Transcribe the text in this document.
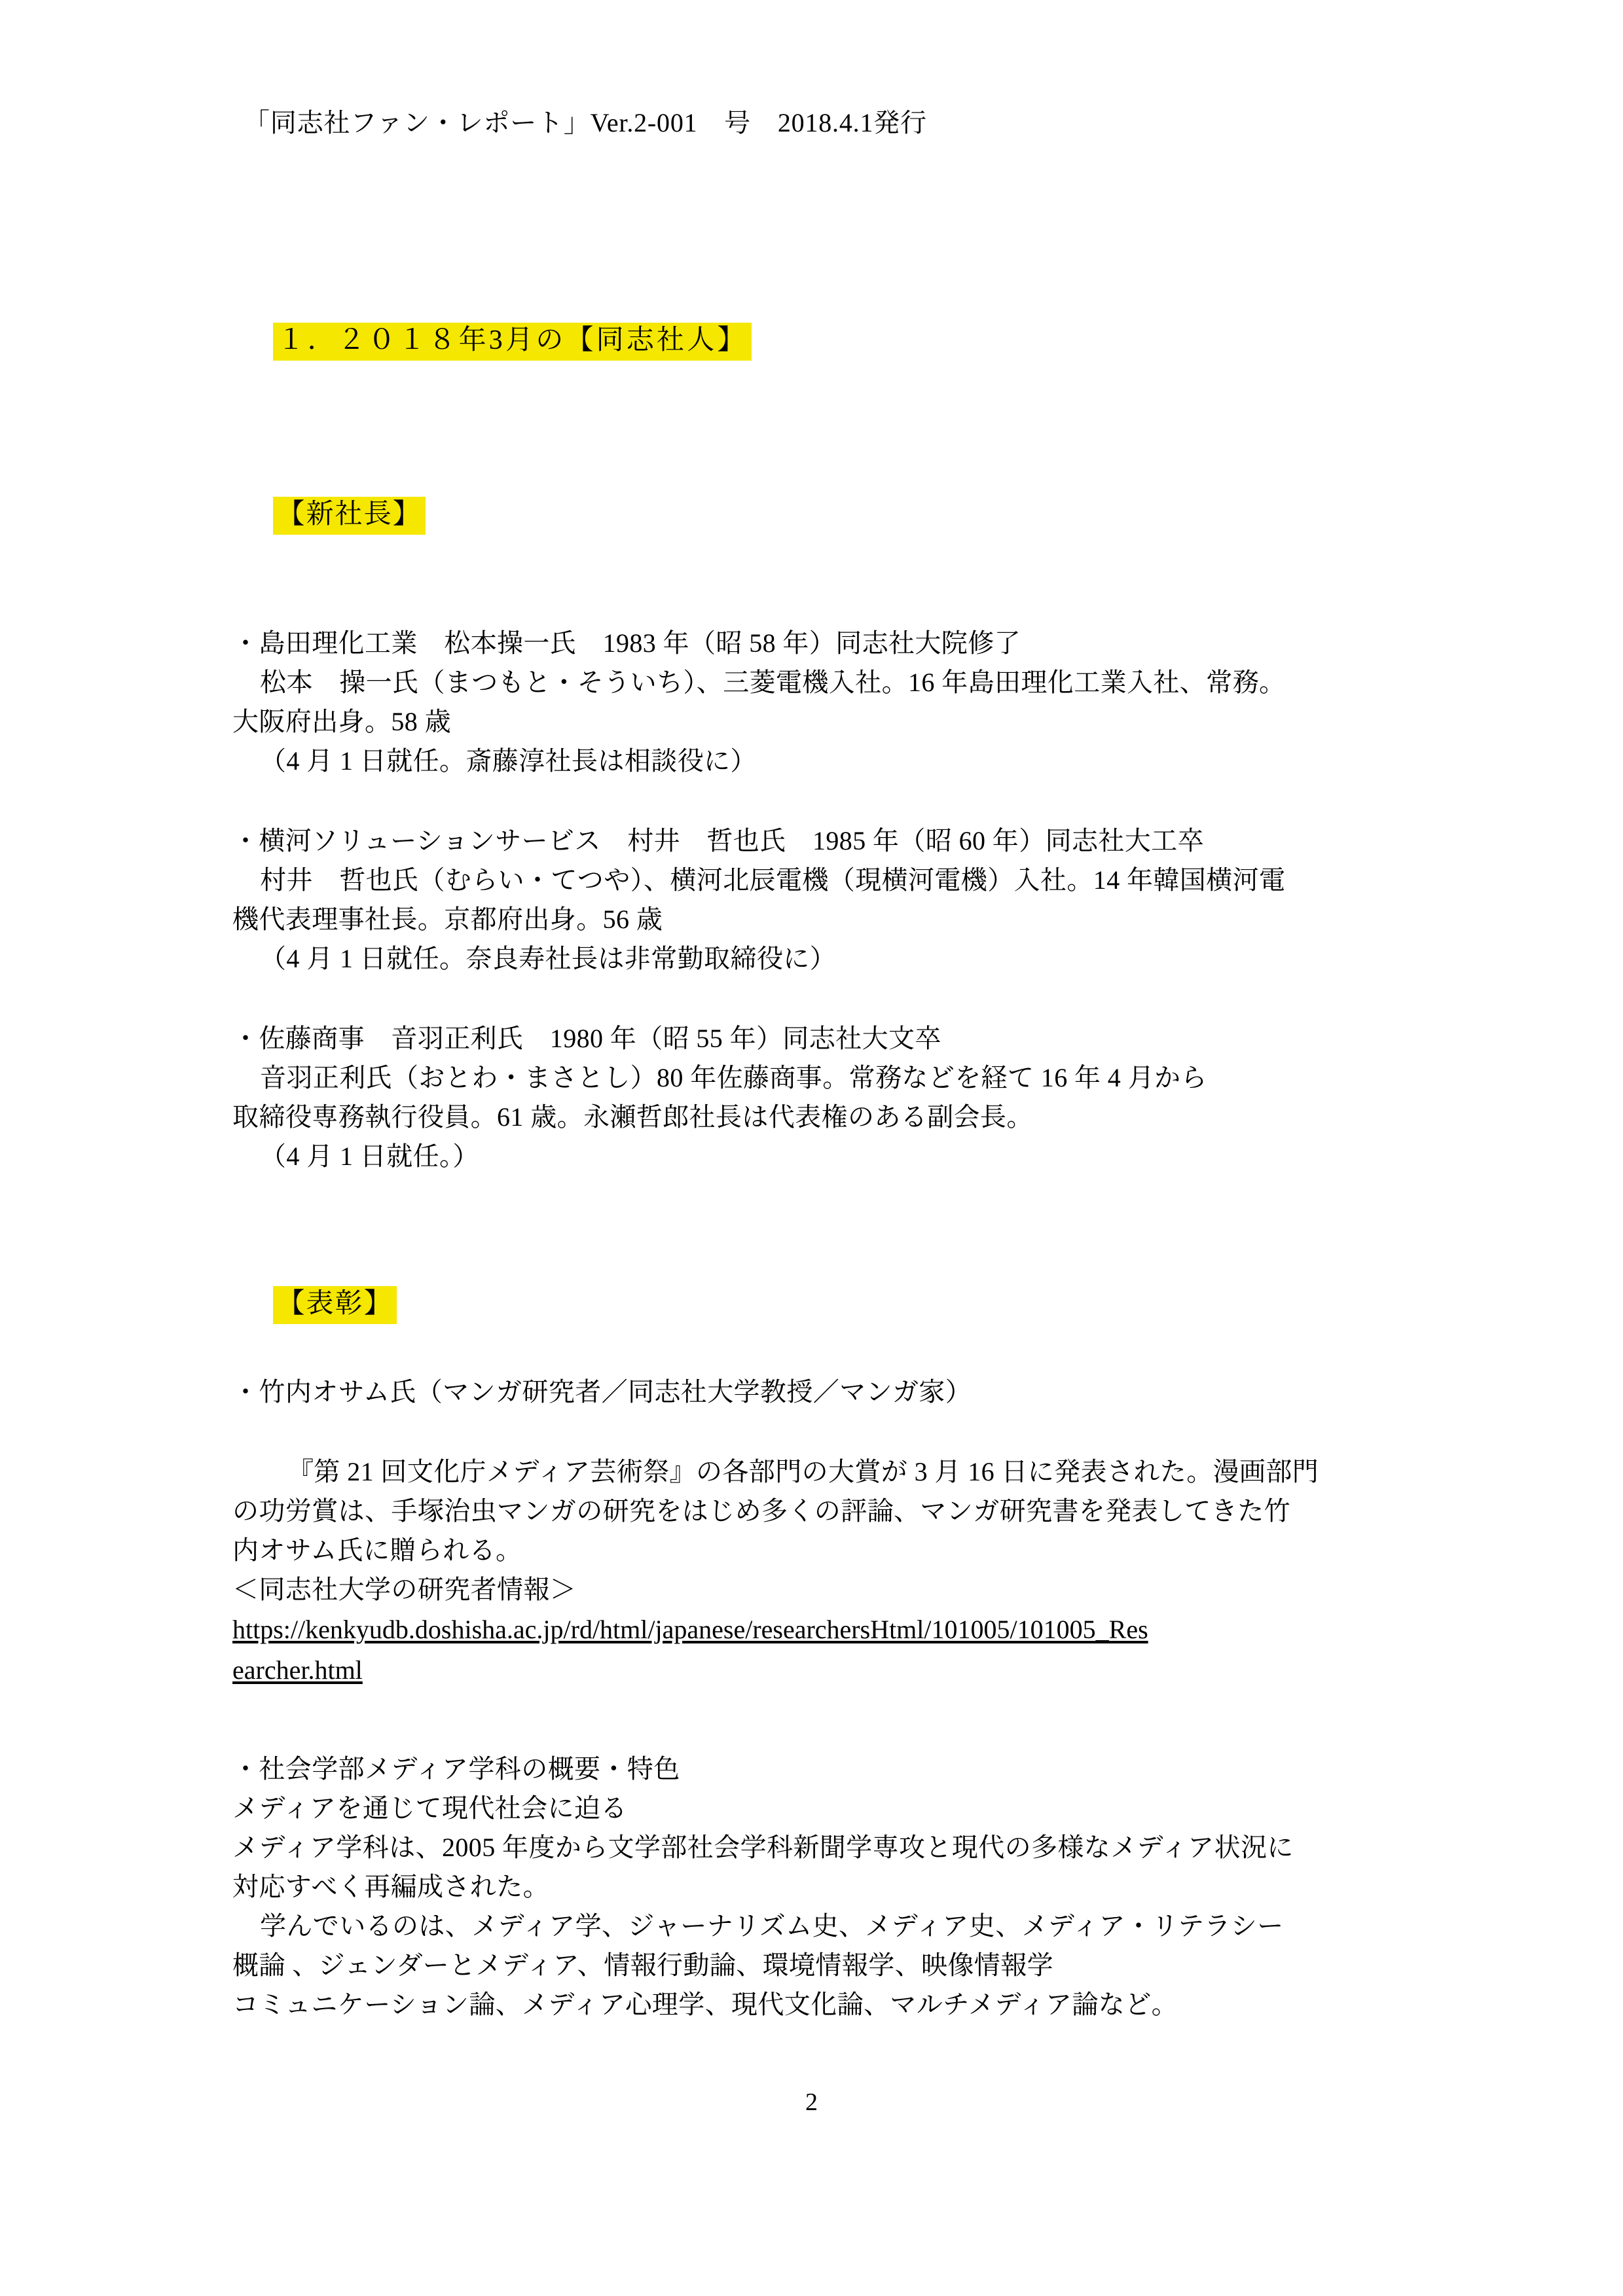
「同志社ファン・レポート」Ver.2-001　号　2018.4.1発行

１．２０１８年3月の【同志社人】

【新社長】

・島田理化工業　松本操一氏　1983 年（昭 58 年）同志社大院修了
松本　操一氏（まつもと・そういち）、三菱電機入社。16 年島田理化工業入社、常務。
大阪府出身。58 歳
（4 月 1 日就任。斎藤淳社長は相談役に）
・横河ソリューションサービス　村井　哲也氏　1985 年（昭 60 年）同志社大工卒
村井　哲也氏（むらい・てつや）、横河北辰電機（現横河電機）入社。14 年韓国横河電
機代表理事社長。京都府出身。56 歳
（4 月 1 日就任。奈良寿社長は非常勤取締役に）
・佐藤商事　音羽正利氏　1980 年（昭 55 年）同志社大文卒
音羽正利氏（おとわ・まさとし）80 年佐藤商事。常務などを経て 16 年 4 月から
取締役専務執行役員。61 歳。永瀬哲郎社長は代表権のある副会長。
（4 月 1 日就任。）

【表彰】

・竹内オサム氏（マンガ研究者／同志社大学教授／マンガ家）
『第 21 回文化庁メディア芸術祭』の各部門の大賞が 3 月 16 日に発表された。漫画部門
の功労賞は、手塚治虫マンガの研究をはじめ多くの評論、マンガ研究書を発表してきた竹
内オサム氏に贈られる。
＜同志社大学の研究者情報＞
https://kenkyudb.doshisha.ac.jp/rd/html/japanese/researchersHtml/101005/101005_Res
earcher.html
・社会学部メディア学科の概要・特色
メディアを通じて現代社会に迫る
メディア学科は、2005 年度から文学部社会学科新聞学専攻と現代の多様なメディア状況に
対応すべく再編成された。
学んでいるのは、メディア学、ジャーナリズム史、メディア史、メディア・リテラシー
概論 、ジェンダーとメディア、情報行動論、環境情報学、映像情報学
コミュニケーション論、メディア心理学、現代文化論、マルチメディア論など。
2
